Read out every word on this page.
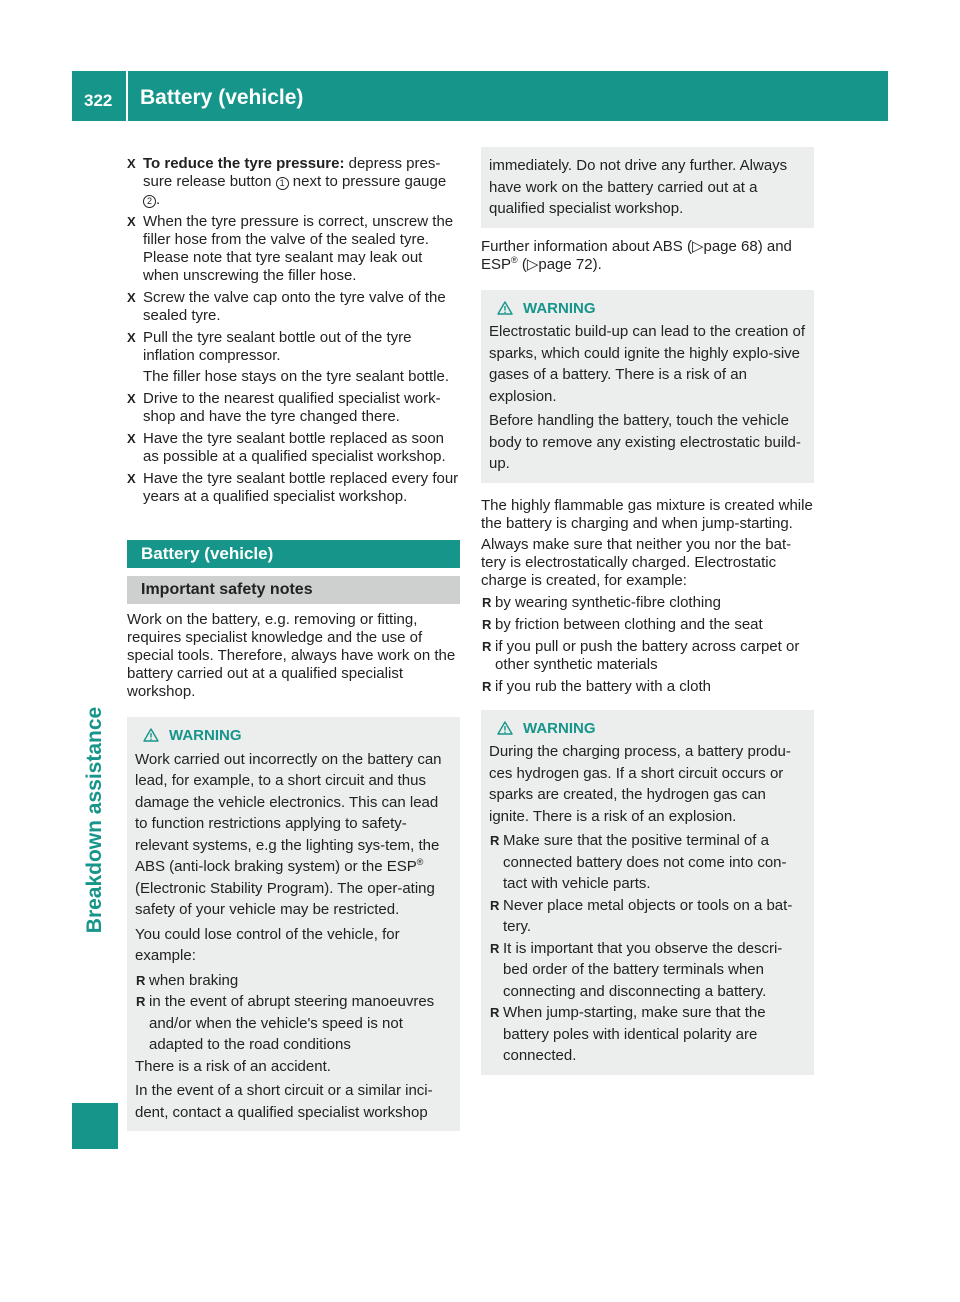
322 Battery (vehicle)
Breakdown assistance
X To reduce the tyre pressure: depress pres-sure release button 1 next to pressure gauge 2 .
X When the tyre pressure is correct, unscrew the filler hose from the valve of the sealed tyre.
Please note that tyre sealant may leak out when unscrewing the filler hose.
X Screw the valve cap onto the tyre valve of the sealed tyre.
X Pull the tyre sealant bottle out of the tyre inflation compressor.
The filler hose stays on the tyre sealant bottle.
X Drive to the nearest qualified specialist work-shop and have the tyre changed there.
X Have the tyre sealant bottle replaced as soon as possible at a qualified specialist workshop.
X Have the tyre sealant bottle replaced every four years at a qualified specialist workshop.
Battery (vehicle)
Important safety notes

Work on the battery, e.g. removing or fitting, requires specialist knowledge and the use of special tools. Therefore, always have work on the battery carried out at a qualified specialist workshop.

WARNING

Work carried out incorrectly on the battery can lead, for example, to a short circuit and thus damage the vehicle electronics. This can lead to function restrictions applying to safety-relevant systems, e.g the lighting sys-tem, the ABS (anti-lock braking system) or the ESP® (Electronic Stability Program). The oper-ating safety of your vehicle may be restricted.

You could lose control of the vehicle, for example:

R when braking
R in the event of abrupt steering manoeuvres and/or when the vehicle's speed is not adapted to the road conditions

There is a risk of an accident.

In the event of a short circuit or a similar inci-dent, contact a qualified specialist workshop

immediately. Do not drive any further. Always have work on the battery carried out at a qualified specialist workshop.

Further information about ABS (▷page 68) and ESP® (▷page 72).

WARNING

Electrostatic build-up can lead to the creation of sparks, which could ignite the highly explo-sive gases of a battery. There is a risk of an explosion.

Before handling the battery, touch the vehicle body to remove any existing electrostatic build-up.

The highly flammable gas mixture is created while the battery is charging and when jump-starting.

Always make sure that neither you nor the bat-tery is electrostatically charged. Electrostatic charge is created, for example:

R by wearing synthetic-fibre clothing
R by friction between clothing and the seat
R if you pull or push the battery across carpet or other synthetic materials
R if you rub the battery with a cloth
WARNING

During the charging process, a battery produ-ces hydrogen gas. If a short circuit occurs or sparks are created, the hydrogen gas can ignite. There is a risk of an explosion.

R Make sure that the positive terminal of a connected battery does not come into con-tact with vehicle parts.
R Never place metal objects or tools on a bat-tery.
R It is important that you observe the descri-bed order of the battery terminals when connecting and disconnecting a battery.
R When jump-starting, make sure that the battery poles with identical polarity are connected.
